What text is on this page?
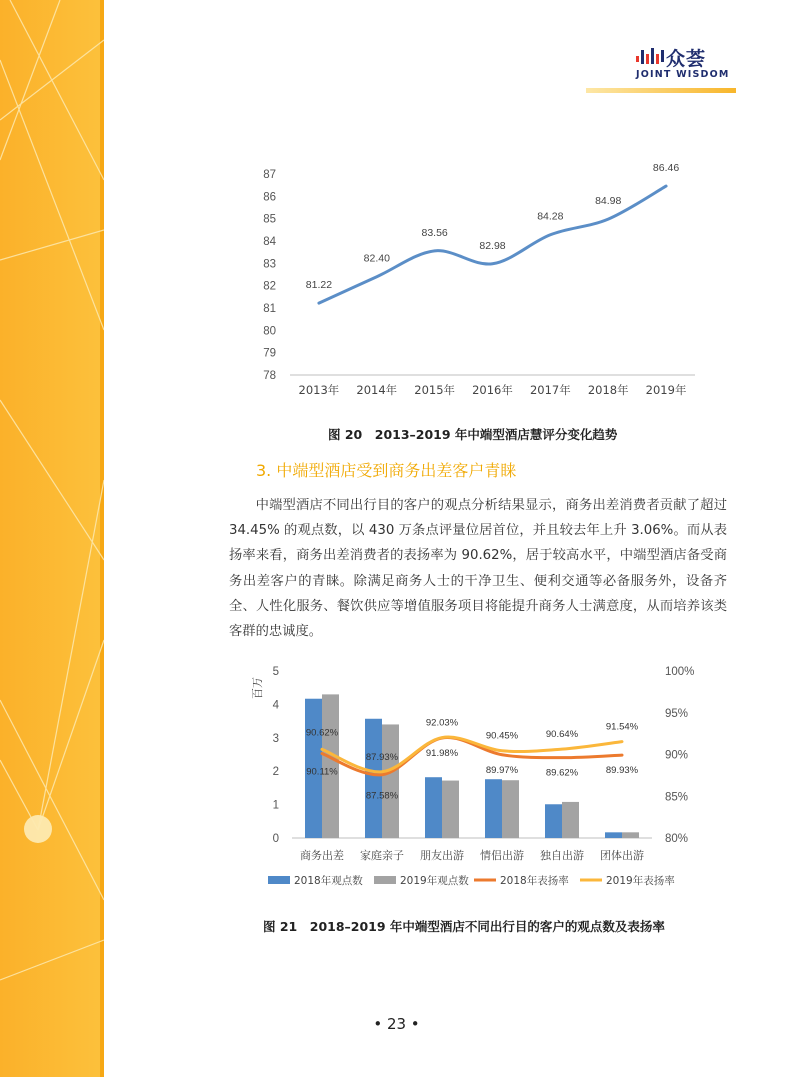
众荟
JOINT WISDOM
78
79
80
81
82
83
84
85
86
87
2013年 2014年 2015年 2016年 2017年 2018年 2019年
81.22
82.40
83.56
82.98
84.28
84.98
86.46
图 20　2013–2019 年中端型酒店慧评分变化趋势
3. 中端型酒店受到商务出差客户青睐

中端型酒店不同出行目的客户的观点分析结果显示，商务出差消费者贡献了超过 34.45% 的观点数，以 430 万条点评量位居首位，并且较去年上升 3.06%。而从表扬率来看，商务出差消费者的表扬率为 90.62%，居于较高水平，中端型酒店备受商务出差客户的青睐。除满足商务人士的干净卫生、便利交通等必备服务外，设备齐全、人性化服务、餐饮供应等增值服务项目将能提升商务人士满意度，从而培养该类客群的忠诚度。

百万
0
1
2
3
4
5
80%
85%
90%
95%
100%
商务出差 家庭亲子 朋友出游 情侣出游 独自出游 团体出游
90.62%
87.93%
92.03%
90.45%	90.64%
91.54%
90.11%
87.58%
91.98%
89.97%	89.62%	89.93%
2018年观点数	2019年观点数	2018年表扬率	2019年表扬率
图 21　2018–2019 年中端型酒店不同出行目的客户的观点数及表扬率
• 23 •
